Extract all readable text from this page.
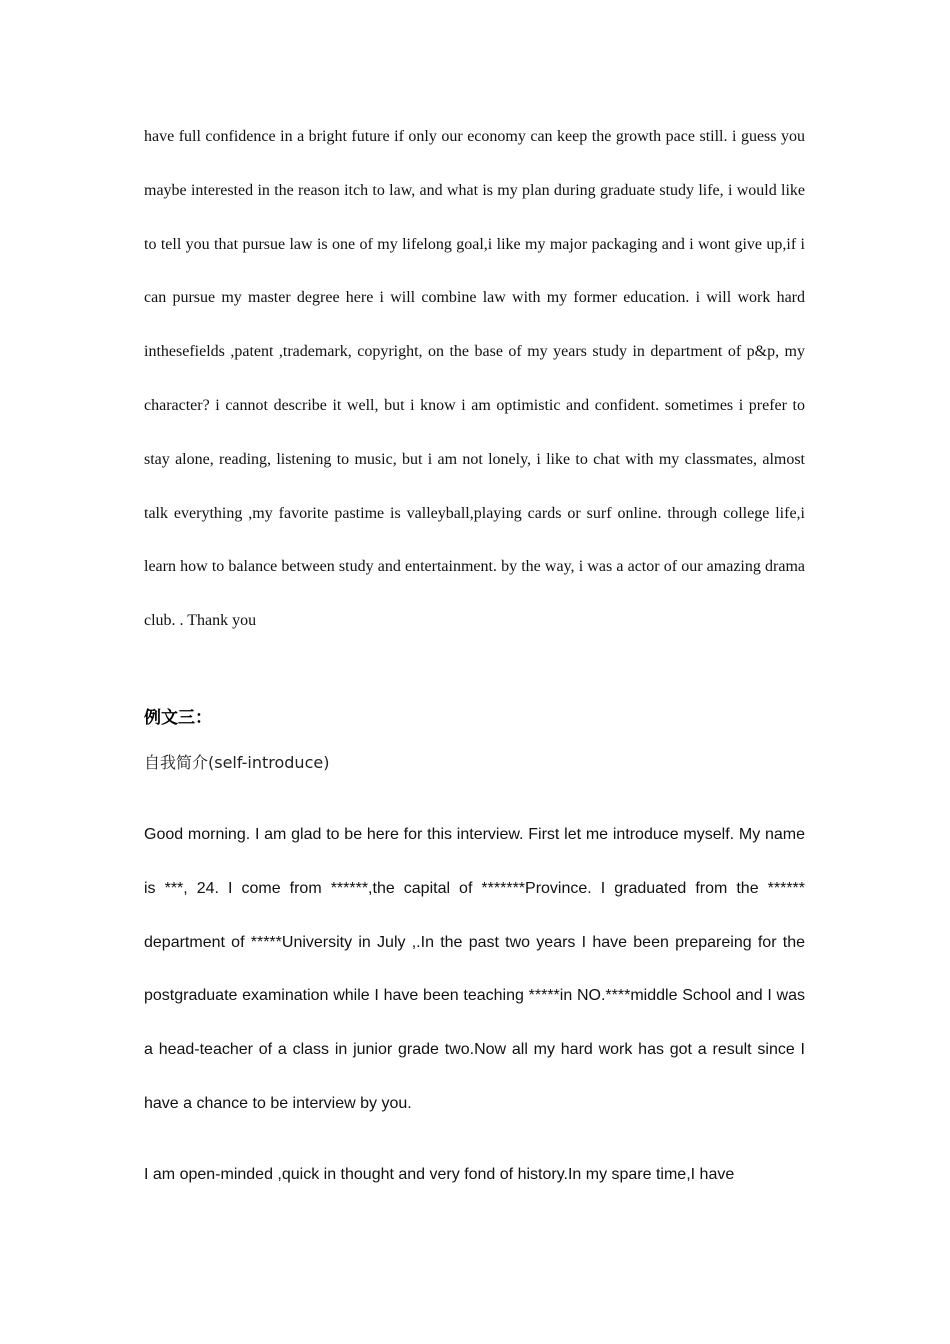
have full confidence in a bright future if only our economy can keep the growth pace still. i guess you maybe interested in the reason itch to law, and what is my plan during graduate study life, i would like to tell you that pursue law is one of my lifelong goal,i like my major packaging and i wont give up,if i can pursue my master degree here i will combine law with my former education. i will work hard inthesefields ,patent ,trademark, copyright, on the base of my years study in department of p&p, my character? i cannot describe it well, but i know i am optimistic and confident. sometimes i prefer to stay alone, reading, listening to music, but i am not lonely, i like to chat with my classmates, almost talk everything ,my favorite pastime is valleyball,playing cards or surf online. through college life,i learn how to balance between study and entertainment. by the way, i was a actor of our amazing drama club. . Thank you

例文三：
自我简介(self-introduce)

Good morning. I am glad to be here for this interview. First let me introduce myself. My name is ***, 24. I come from ******,the capital of *******Province. I graduated from the ****** department of *****University in July ,.In the past two years I have been prepareing for the postgraduate examination while I have been teaching *****in NO.****middle School and I was a head-teacher of a class in junior grade two.Now all my hard work has got a result since I have a chance to be interview by you.

I am open-minded ,quick in thought and very fond of history.In my spare time,I have
